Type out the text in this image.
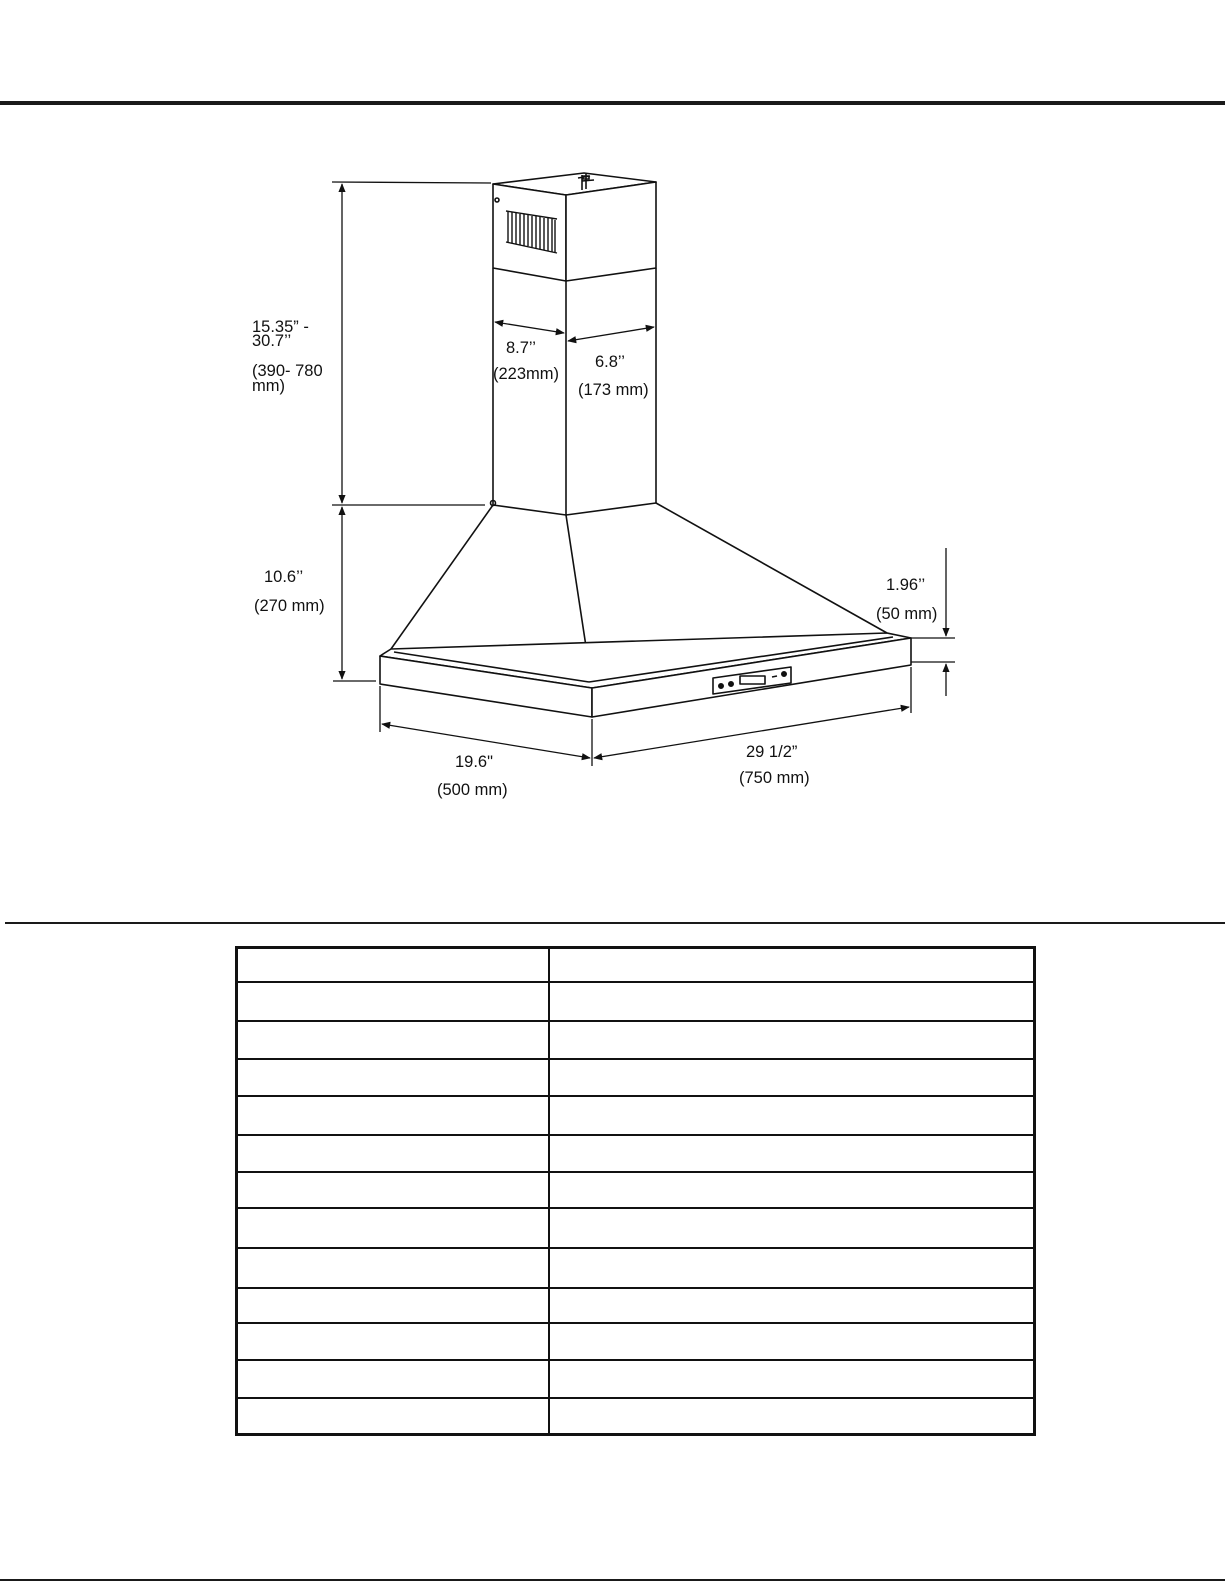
15.35” -
30.7’’
(390- 780
mm)
8.7’’
(223mm)
6.8’’
(173 mm)
10.6’’
(270 mm)
1.96’’
(50 mm)
19.6"
(500 mm)
29 1/2”
(750 mm)
